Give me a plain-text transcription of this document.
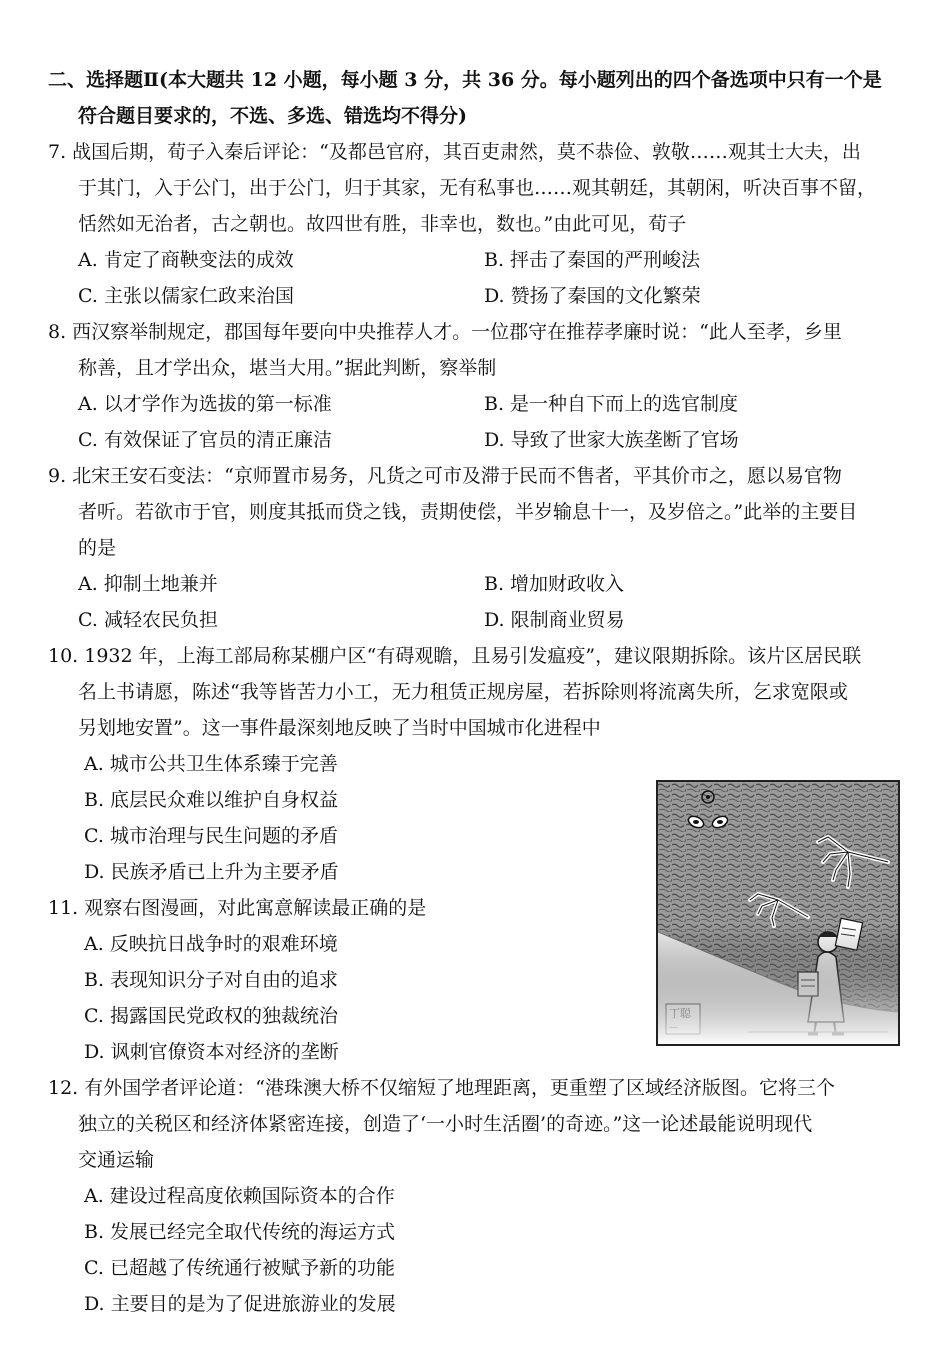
二、选择题Ⅱ(本大题共 12 小题，每小题 3 分，共 36 分。每小题列出的四个备选项中只有一个是
符合题目要求的，不选、多选、错选均不得分)
7. 战国后期，荀子入秦后评论：“及都邑官府，其百吏肃然，莫不恭俭、敦敬……观其士大夫，出
于其门，入于公门，出于公门，归于其家，无有私事也……观其朝廷，其朝闲，听决百事不留，
恬然如无治者，古之朝也。故四世有胜，非幸也，数也。”由此可见，荀子
A. 肯定了商鞅变法的成效	B. 抨击了秦国的严刑峻法
C. 主张以儒家仁政来治国	D. 赞扬了秦国的文化繁荣
8. 西汉察举制规定，郡国每年要向中央推荐人才。一位郡守在推荐孝廉时说：“此人至孝，乡里
称善，且才学出众，堪当大用。”据此判断，察举制
A. 以才学作为选拔的第一标准	B. 是一种自下而上的选官制度
C. 有效保证了官员的清正廉洁	D. 导致了世家大族垄断了官场
9. 北宋王安石变法：“京师置市易务，凡货之可市及滞于民而不售者，平其价市之，愿以易官物
者听。若欲市于官，则度其抵而贷之钱，责期使偿，半岁输息十一，及岁倍之。”此举的主要目
的是
A. 抑制土地兼并	B. 增加财政收入
C. 减轻农民负担	D. 限制商业贸易
10. 1932 年，上海工部局称某棚户区“有碍观瞻，且易引发瘟疫”，建议限期拆除。该片区居民联
名上书请愿，陈述“我等皆苦力小工，无力租赁正规房屋，若拆除则将流离失所，乞求宽限或
另划地安置”。这一事件最深刻地反映了当时中国城市化进程中
A. 城市公共卫生体系臻于完善
B. 底层民众难以维护自身权益
C. 城市治理与民生问题的矛盾
D. 民族矛盾已上升为主要矛盾
11. 观察右图漫画，对此寓意解读最正确的是
A. 反映抗日战争时的艰难环境
B. 表现知识分子对自由的追求
C. 揭露国民党政权的独裁统治
D. 讽刺官僚资本对经济的垄断
12. 有外国学者评论道：“港珠澳大桥不仅缩短了地理距离，更重塑了区域经济版图。它将三个
独立的关税区和经济体紧密连接，创造了‘一小时生活圈’的奇迹。”这一论述最能说明现代
交通运输
A. 建设过程高度依赖国际资本的合作
B. 发展已经完全取代传统的海运方式
C. 已超越了传统通行被赋予新的功能
D. 主要目的是为了促进旅游业的发展
